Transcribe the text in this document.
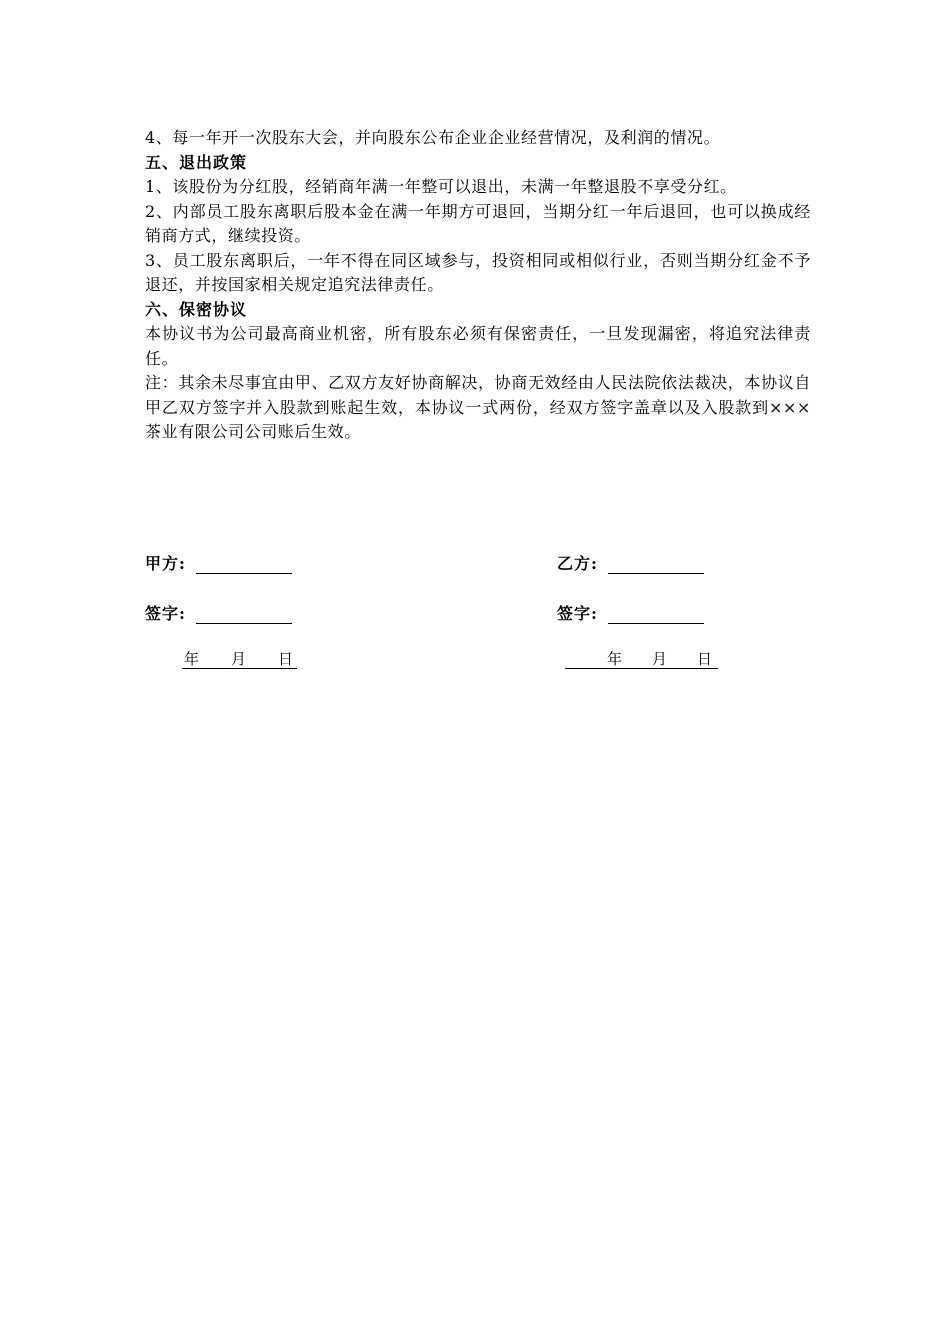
4、每一年开一次股东大会，并向股东公布企业企业经营情况，及利润的情况。

五、退出政策

1、该股份为分红股，经销商年满一年整可以退出，未满一年整退股不享受分红。

2、内部员工股东离职后股本金在满一年期方可退回，当期分红一年后退回，也可以换成经销商方式，继续投资。

3、员工股东离职后，一年不得在同区域参与，投资相同或相似行业，否则当期分红金不予退还，并按国家相关规定追究法律责任。

六、保密协议

本协议书为公司最高商业机密，所有股东必须有保密责任，一旦发现漏密，将追究法律责任。

注：其余未尽事宜由甲、乙双方友好协商解决，协商无效经由人民法院依法裁决，本协议自甲乙双方签字并入股款到账起生效，本协议一式两份，经双方签字盖章以及入股款到×××茶业有限公司公司账后生效。

甲方:
签字:
年 月 日
乙方:
签字:
年 月 日
